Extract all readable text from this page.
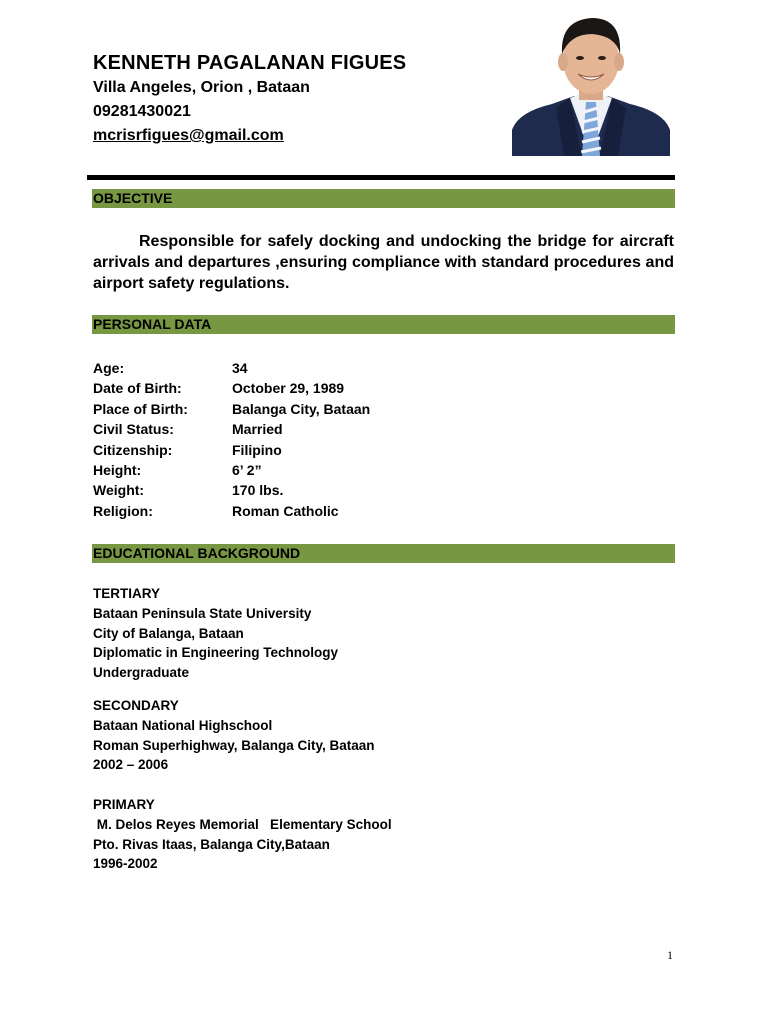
KENNETH PAGALANAN FIGUES
Villa Angeles, Orion , Bataan
09281430021
mcrisrfigues@gmail.com
OBJECTIVE

Responsible for safely docking and undocking the bridge for aircraft arrivals and departures ,ensuring compliance with standard procedures and airport safety regulations.

PERSONAL DATA
Age:	34
Date of Birth:	October 29, 1989
Place of Birth:	Balanga City, Bataan
Civil Status:	Married
Citizenship:	Filipino
Height:	6’ 2”
Weight:	170 lbs.
Religion:	Roman Catholic
EDUCATIONAL BACKGROUND
TERTIARY
Bataan Peninsula State University
City of Balanga, Bataan
Diplomatic in Engineering Technology
Undergraduate
SECONDARY
Bataan National Highschool
Roman Superhighway, Balanga City, Bataan
2002 – 2006
PRIMARY
M. Delos Reyes Memorial   Elementary School
Pto. Rivas Itaas, Balanga City,Bataan
1996-2002
1
